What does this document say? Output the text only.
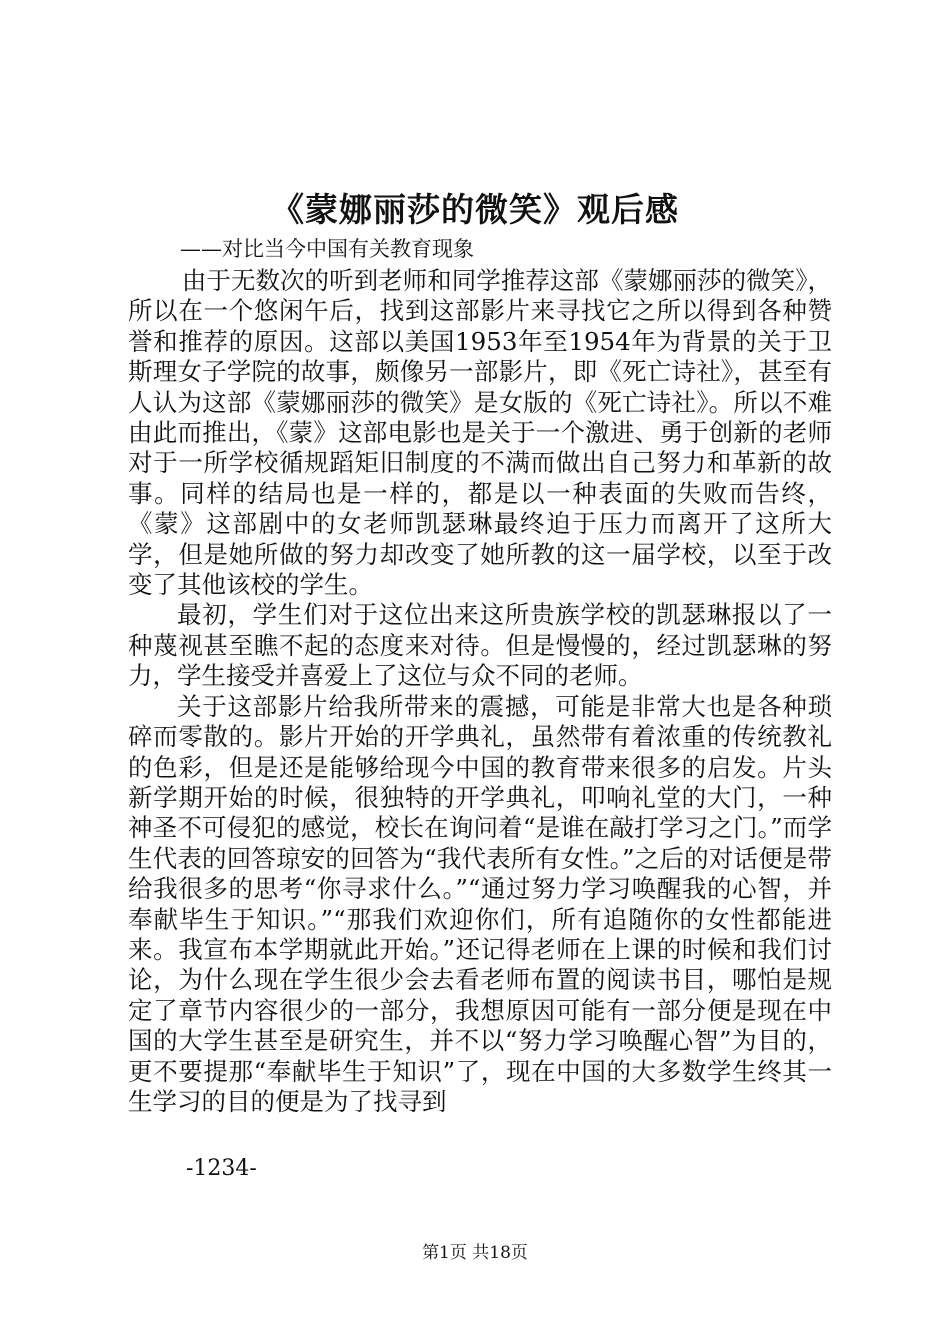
《蒙娜丽莎的微笑》观后感

——对比当今中国有关教育现象

由于无数次的听到老师和同学推荐这部《蒙娜丽莎的微笑》，所以在一个悠闲午后，找到这部影片来寻找它之所以得到各种赞誉和推荐的原因。这部以美国1953年至1954年为背景的关于卫斯理女子学院的故事，颇像另一部影片，即《死亡诗社》，甚至有人认为这部《蒙娜丽莎的微笑》是女版的《死亡诗社》。所以不难由此而推出，《蒙》这部电影也是关于一个激进、勇于创新的老师对于一所学校循规蹈矩旧制度的不满而做出自己努力和革新的故事。同样的结局也是一样的，都是以一种表面的失败而告终，《蒙》这部剧中的女老师凯瑟琳最终迫于压力而离开了这所大学，但是她所做的努力却改变了她所教的这一届学校，以至于改变了其他该校的学生。

最初，学生们对于这位出来这所贵族学校的凯瑟琳报以了一种蔑视甚至瞧不起的态度来对待。但是慢慢的，经过凯瑟琳的努力，学生接受并喜爱上了这位与众不同的老师。

关于这部影片给我所带来的震撼，可能是非常大也是各种琐碎而零散的。影片开始的开学典礼，虽然带有着浓重的传统教礼的色彩，但是还是能够给现今中国的教育带来很多的启发。片头新学期开始的时候，很独特的开学典礼，叩响礼堂的大门，一种神圣不可侵犯的感觉，校长在询问着“是谁在敲打学习之门。”而学生代表的回答琼安的回答为“我代表所有女性。”之后的对话便是带给我很多的思考“你寻求什么。”“通过努力学习唤醒我的心智，并奉献毕生于知识。”“那我们欢迎你们，所有追随你的女性都能进来。我宣布本学期就此开始。”还记得老师在上课的时候和我们讨论，为什么现在学生很少会去看老师布置的阅读书目，哪怕是规定了章节内容很少的一部分，我想原因可能有一部分便是现在中国的大学生甚至是研究生，并不以“努力学习唤醒心智”为目的，更不要提那“奉献毕生于知识”了，现在中国的大多数学生终其一生学习的目的便是为了找寻到

-1234-

第1页 共18页
